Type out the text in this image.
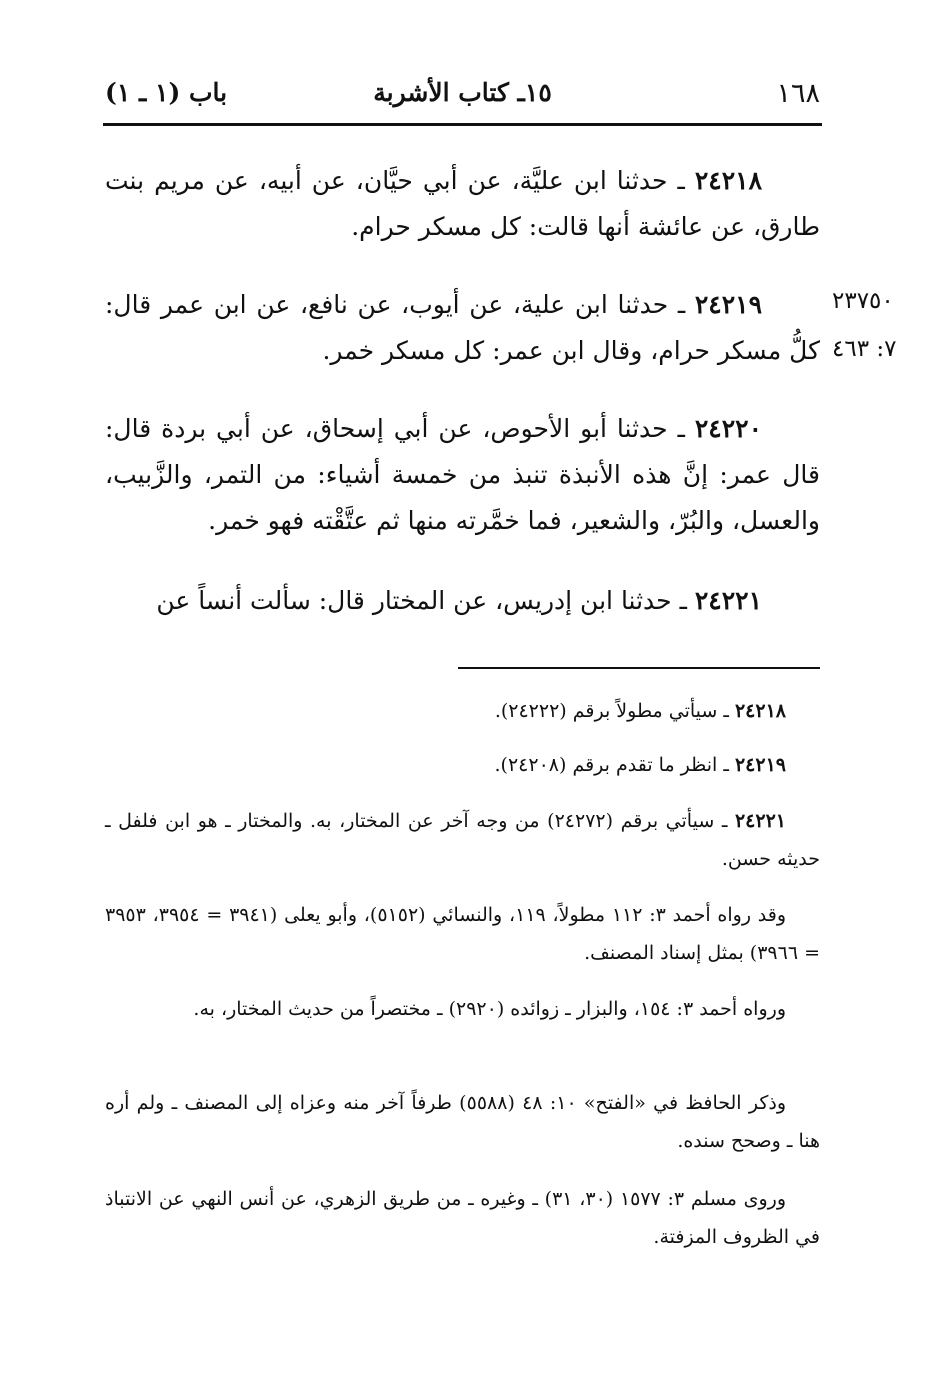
١٦٨
١٥ـ كتاب الأشربة
باب (١ ـ ١)
٢٤٢١٨ ـ حدثنا ابن عليَّة، عن أبي حيَّان، عن أبيه، عن مريم بنت طارق، عن عائشة أنها قالت: كل مسكر حرام.
٢٣٧٥٠
٧: ٤٦٣
٢٤٢١٩ ـ حدثنا ابن علية، عن أيوب، عن نافع، عن ابن عمر قال: كلُّ مسكر حرام، وقال ابن عمر: كل مسكر خمر.
٢٤٢٢٠ ـ حدثنا أبو الأحوص، عن أبي إسحاق، عن أبي بردة قال: قال عمر: إنَّ هذه الأنبذة تنبذ من خمسة أشياء: من التمر، والزَّبيب، والعسل، والبُرّ، والشعير، فما خمَّرته منها ثم عتَّقْته فهو خمر.
٢٤٢٢١ ـ حدثنا ابن إدريس، عن المختار قال: سألت أنساً عن
٢٤٢١٨ ـ سيأتي مطولاً برقم (٢٤٢٢٢).
٢٤٢١٩ ـ انظر ما تقدم برقم (٢٤٢٠٨).
٢٤٢٢١ ـ سيأتي برقم (٢٤٢٧٢) من وجه آخر عن المختار، به. والمختار ـ هو ابن فلفل ـ حديثه حسن.
وقد رواه أحمد ٣: ١١٢ مطولاً، ١١٩، والنسائي (٥١٥٢)، وأبو يعلى (٣٩٤١ = ٣٩٥٤، ٣٩٥٣ = ٣٩٦٦) بمثل إسناد المصنف.
ورواه أحمد ٣: ١٥٤، والبزار ـ زوائده (٢٩٢٠) ـ مختصراً من حديث المختار، به.
وذكر الحافظ في «الفتح» ١٠: ٤٨ (٥٥٨٨) طرفاً آخر منه وعزاه إلى المصنف ـ ولم أره هنا ـ وصحح سنده.
وروى مسلم ٣: ١٥٧٧ (٣٠، ٣١) ـ وغيره ـ من طريق الزهري، عن أنس النهي عن الانتباذ في الظروف المزفتة.
